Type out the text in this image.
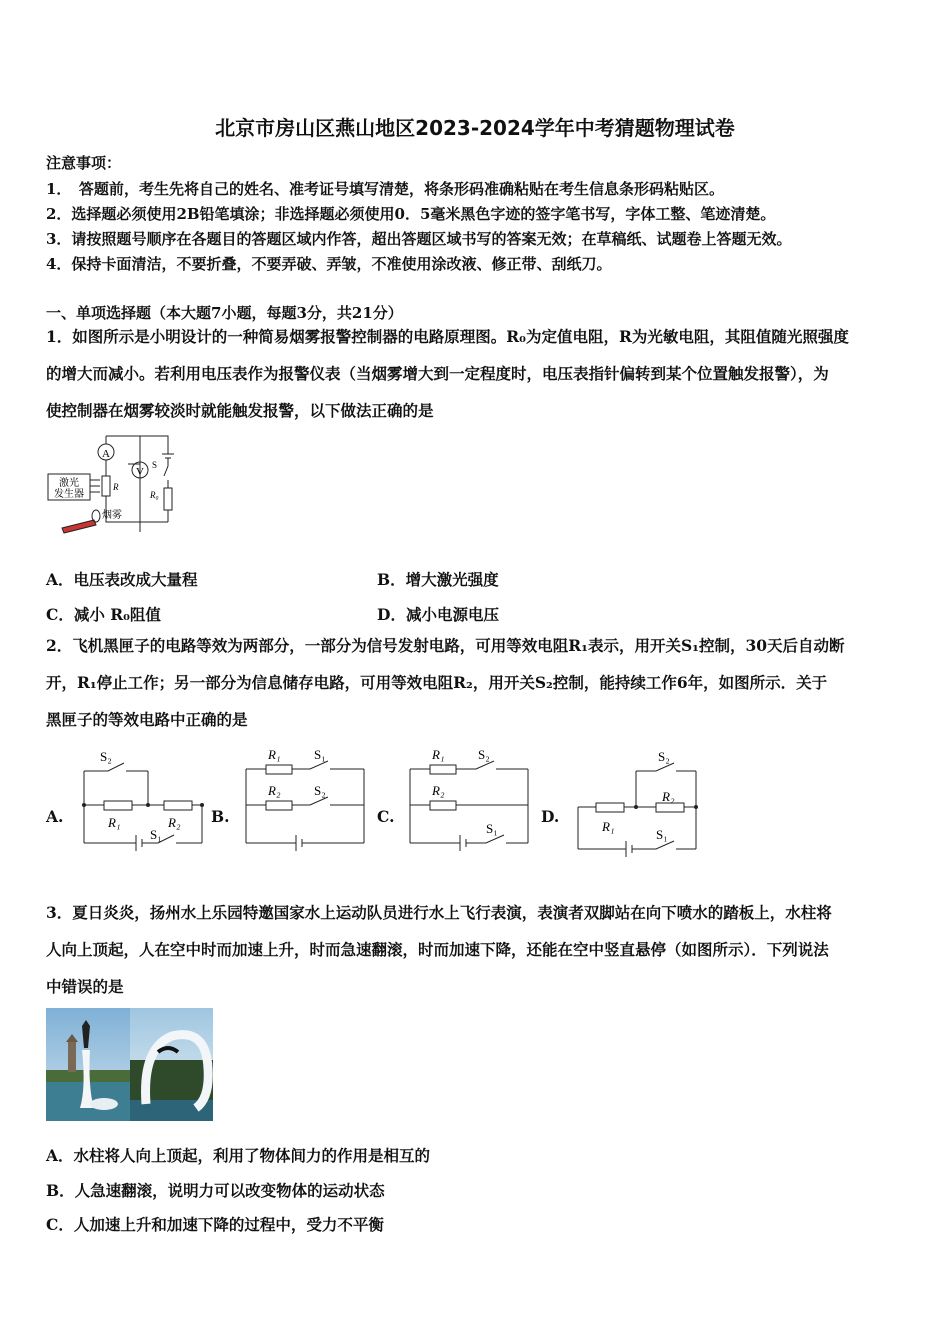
北京市房山区燕山地区2023-2024学年中考猜题物理试卷
注意事项：
1．　答题前，考生先将自己的姓名、准考证号填写清楚，将条形码准确粘贴在考生信息条形码粘贴区。
2．选择题必须使用2B铅笔填涂；非选择题必须使用0．5毫米黑色字迹的签字笔书写，字体工整、笔迹清楚。
3．请按照题号顺序在各题目的答题区域内作答，超出答题区域书写的答案无效；在草稿纸、试题卷上答题无效。
4．保持卡面清洁，不要折叠，不要弄破、弄皱，不准使用涂改液、修正带、刮纸刀。
一、单项选择题（本大题7小题，每题3分，共21分）
1．如图所示是小明设计的一种简易烟雾报警控制器的电路原理图。R₀为定值电阻，R为光敏电阻，其阻值随光照强度
的增大而减小。若利用电压表作为报警仪表（当烟雾增大到一定程度时，电压表指针偏转到某个位置触发报警），为
使控制器在烟雾较淡时就能触发报警，以下做法正确的是
A
V
S
R
R₀
激光
发生器
烟雾
A．电压表改成大量程	B．增大激光强度
C．减小 R₀阻值	D．减小电源电压
2．飞机黑匣子的电路等效为两部分，一部分为信号发射电路，可用等效电阻R₁表示，用开关S₁控制，30天后自动断
开，R₁停止工作；另一部分为信息储存电路，可用等效电阻R₂，用开关S₂控制，能持续工作6年，如图所示．关于
黑匣子的等效电路中正确的是
A.	B.	C.	D.
S₂
R₁	R₂
S₁
R₁	S₁
R₂	S₂
R₁	S₂
R₂
S₁
S₂
R₂
R₁
S₁
3．夏日炎炎，扬州水上乐园特邀国家水上运动队员进行水上飞行表演，表演者双脚站在向下喷水的踏板上，水柱将
人向上顶起，人在空中时而加速上升，时而急速翻滚，时而加速下降，还能在空中竖直悬停（如图所示）．下列说法
中错误的是
A．水柱将人向上顶起，利用了物体间力的作用是相互的
B．人急速翻滚，说明力可以改变物体的运动状态
C．人加速上升和加速下降的过程中，受力不平衡
